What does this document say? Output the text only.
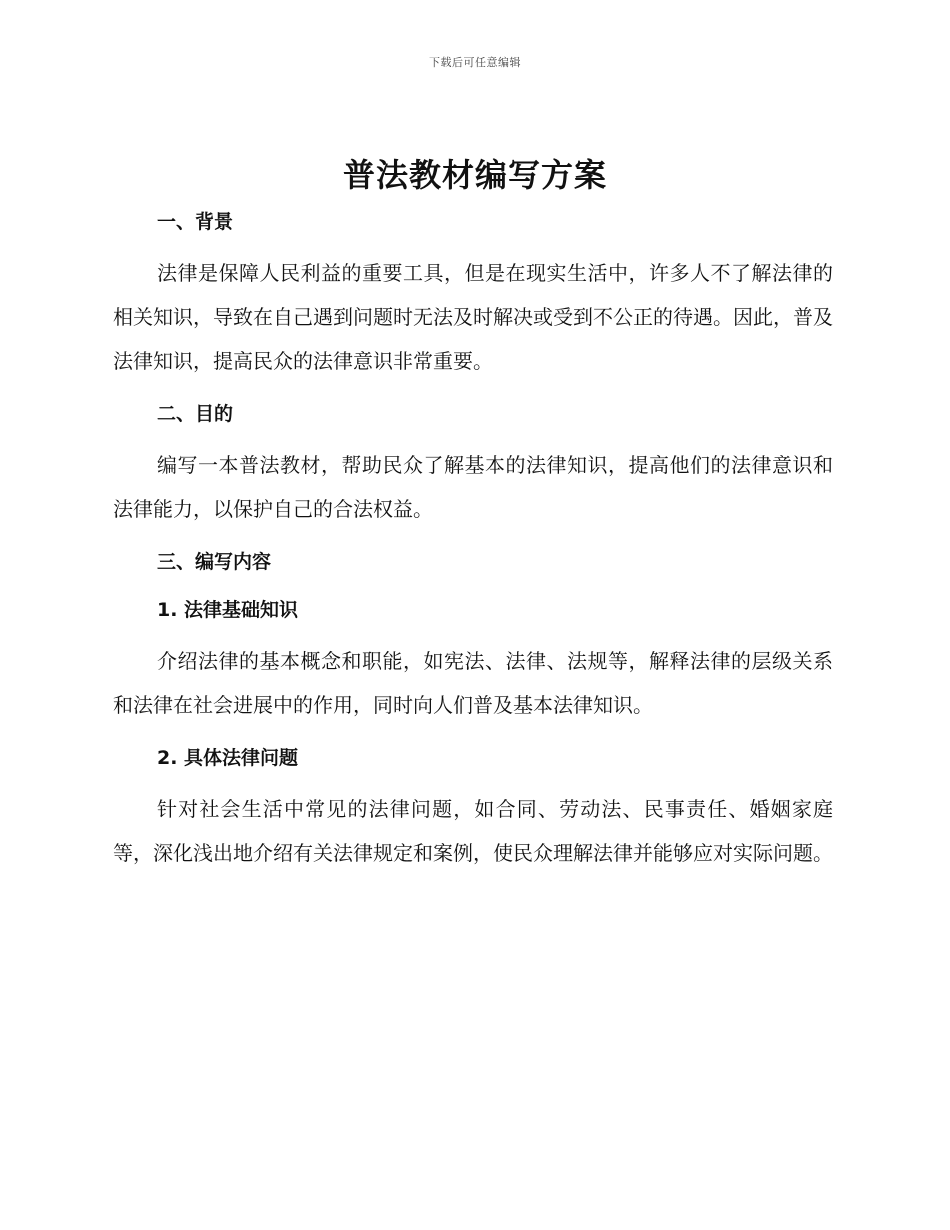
下载后可任意编辑
普法教材编写方案

一、背景

法律是保障人民利益的重要工具，但是在现实生活中，许多人不了解法律的相关知识，导致在自己遇到问题时无法及时解决或受到不公正的待遇。因此，普及法律知识，提高民众的法律意识非常重要。

二、目的

编写一本普法教材，帮助民众了解基本的法律知识，提高他们的法律意识和法律能力，以保护自己的合法权益。

三、编写内容

1. 法律基础知识

介绍法律的基本概念和职能，如宪法、法律、法规等，解释法律的层级关系和法律在社会进展中的作用，同时向人们普及基本法律知识。

2. 具体法律问题

针对社会生活中常见的法律问题，如合同、劳动法、民事责任、婚姻家庭等，深化浅出地介绍有关法律规定和案例，使民众理解法律并能够应对实际问题。
